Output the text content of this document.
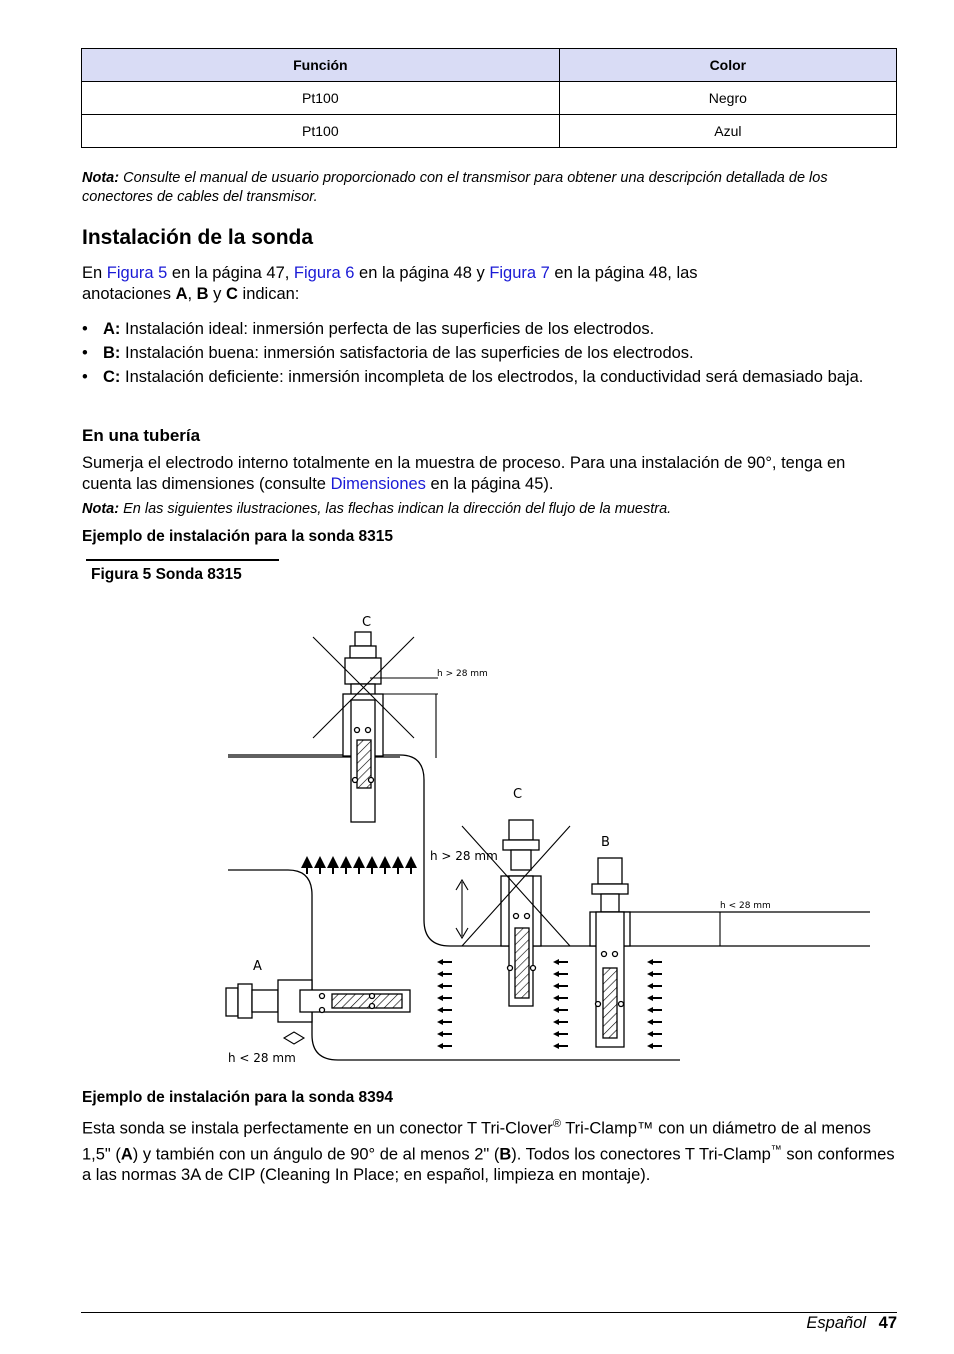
Función	Color
Pt100	Negro
Pt100	Azul
Nota: Consulte el manual de usuario proporcionado con el transmisor para obtener una descripción detallada de los conectores de cables del transmisor.
Instalación de la sonda
En Figura 5 en la página 47, Figura 6 en la página 48 y Figura 7 en la página 48, las anotaciones A, B y C indican:
• A: Instalación ideal: inmersión perfecta de las superficies de los electrodos.
• B: Instalación buena: inmersión satisfactoria de las superficies de los electrodos.
• C: Instalación deficiente: inmersión incompleta de los electrodos, la conductividad será demasiado baja.
En una tubería
Sumerja el electrodo interno totalmente en la muestra de proceso. Para una instalación de 90°, tenga en cuenta las dimensiones (consulte Dimensiones en la página 45).
Nota: En las siguientes ilustraciones, las flechas indican la dirección del flujo de la muestra.
Ejemplo de instalación para la sonda 8315
Figura 5 Sonda 8315
C
h > 28 mm
C
h > 28 mm
B
h < 28 mm
A
h < 28 mm
Ejemplo de instalación para la sonda 8394
Esta sonda se instala perfectamente en un conector T Tri-Clover® Tri-Clamp™ con un diámetro de al menos 1,5" (A) y también con un ángulo de 90° de al menos 2" (B). Todos los conectores T Tri-Clamp™ son conformes a las normas 3A de CIP (Cleaning In Place; en español, limpieza en montaje).
Español 47
